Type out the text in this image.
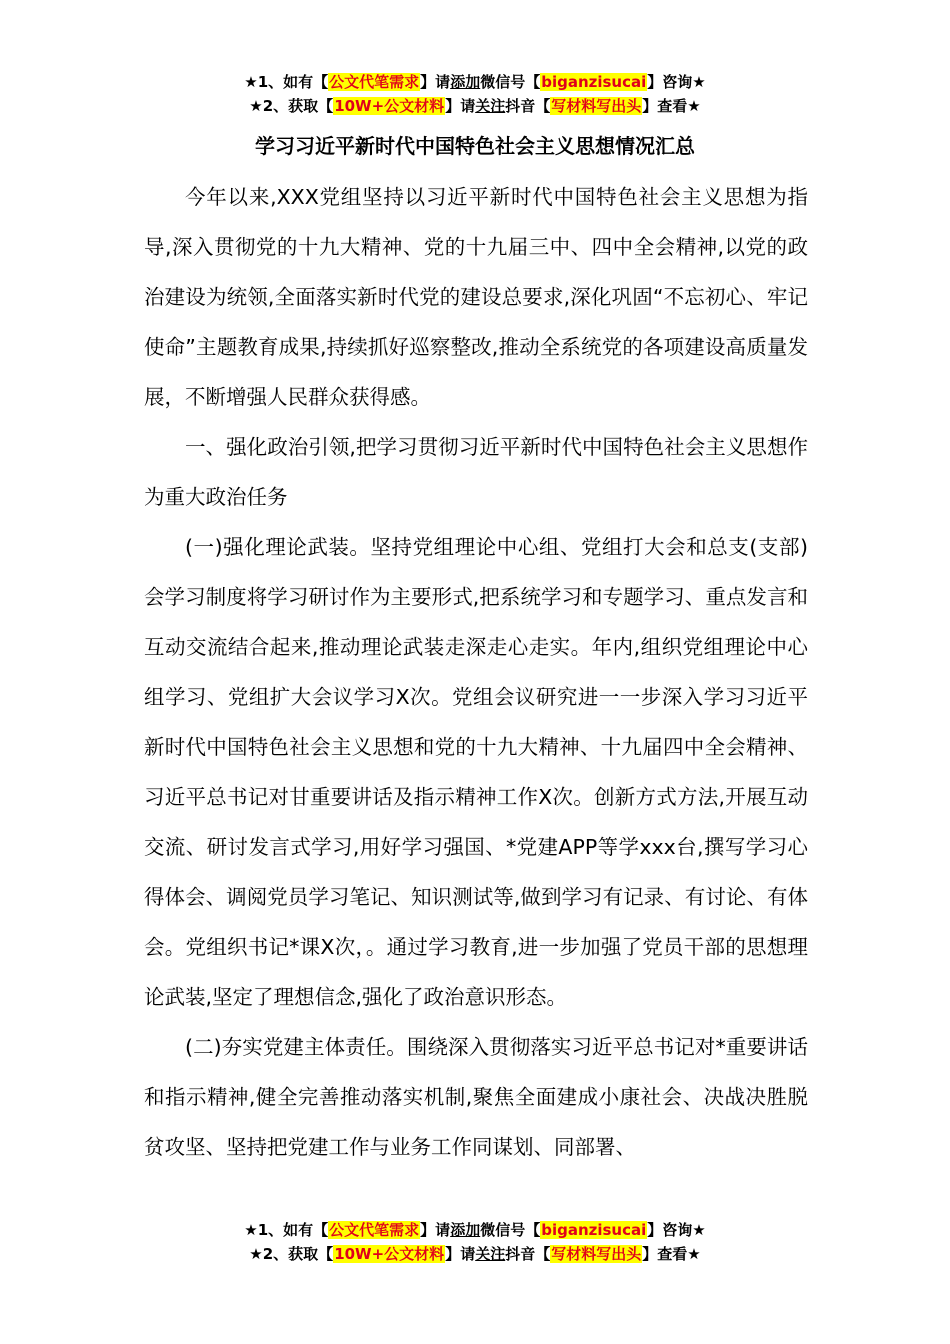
★1、如有【公文代笔需求】请添加微信号【biganzisucai】咨询★
★2、获取【10W+公文材料】请关注抖音【写材料写出头】查看★
学习习近平新时代中国特色社会主义思想情况汇总

今年以来,XXX党组坚持以习近平新时代中国特色社会主义思想为指导,深入贯彻党的十九大精神、党的十九届三中、四中全会精神,以党的政治建设为统领,全面落实新时代党的建设总要求,深化巩固“不忘初心、牢记使命”主题教育成果,持续抓好巡察整改,推动全系统党的各项建设高质量发展，不断增强人民群众获得感。

一、强化政治引领,把学习贯彻习近平新时代中国特色社会主义思想作为重大政治任务

(一)强化理论武装。坚持党组理论中心组、党组打大会和总支(支部)会学习制度将学习研讨作为主要形式,把系统学习和专题学习、重点发言和互动交流结合起来,推动理论武装走深走心走实。年内,组织党组理论中心组学习、党组扩大会议学习X次。党组会议研究进一一步深入学习习近平新时代中国特色社会主义思想和党的十九大精神、十九届四中全会精神、习近平总书记对甘重要讲话及指示精神工作X次。创新方式方法,开展互动交流、研讨发言式学习,用好学习强国、*党建APP等学xxx台,撰写学习心得体会、调阅党员学习笔记、知识测试等,做到学习有记录、有讨论、有体会。党组织书记*课X次，。通过学习教育,进一步加强了党员干部的思想理论武装,坚定了理想信念,强化了政治意识形态。

(二)夯实党建主体责任。围绕深入贯彻落实习近平总书记对*重要讲话和指示精神,健全完善推动落实机制,聚焦全面建成小康社会、决战决胜脱贫攻坚、坚持把党建工作与业务工作同谋划、同部署、

★1、如有【公文代笔需求】请添加微信号【biganzisucai】咨询★
★2、获取【10W+公文材料】请关注抖音【写材料写出头】查看★
